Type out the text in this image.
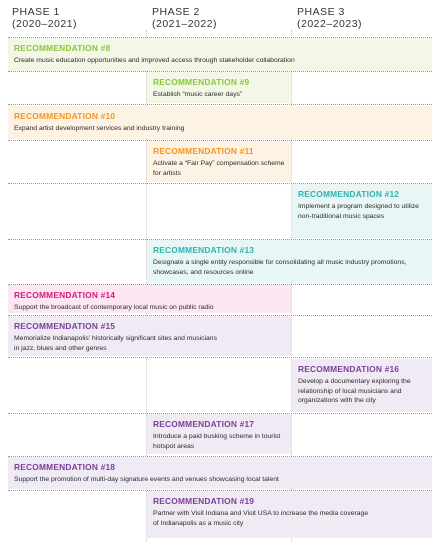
PHASE 1
(2020–2021)
PHASE 2
(2021–2022)
PHASE 3
(2022–2023)
RECOMMENDATION #8
Create music education opportunities and improved access through stakeholder collaboration
RECOMMENDATION #9
Establish “music career days”
RECOMMENDATION #10
Expand artist development services and industry training
RECOMMENDATION #11
Activate a “Fair Pay” compensation scheme for artists
RECOMMENDATION #12
Implement a program designed to utilize non-traditional music spaces
RECOMMENDATION #13
Designate a single entity responsible for consolidating all music industry promotions, showcases, and resources online
RECOMMENDATION #14
Support the broadcast of contemporary local music on public radio
RECOMMENDATION #15
Memorialize Indianapolis’ historically significant sites and musicians in jazz, blues and other genres
RECOMMENDATION #16
Develop a documentary exploring the relationship of local musicians and organizations with the city
RECOMMENDATION #17
Introduce a paid busking scheme in tourist hotspot areas
RECOMMENDATION #18
Support the promotion of multi-day signature events and venues showcasing local talent
RECOMMENDATION #19
Partner with Visit Indiana and Visit USA to increase the media coverage of Indianapolis as a music city
